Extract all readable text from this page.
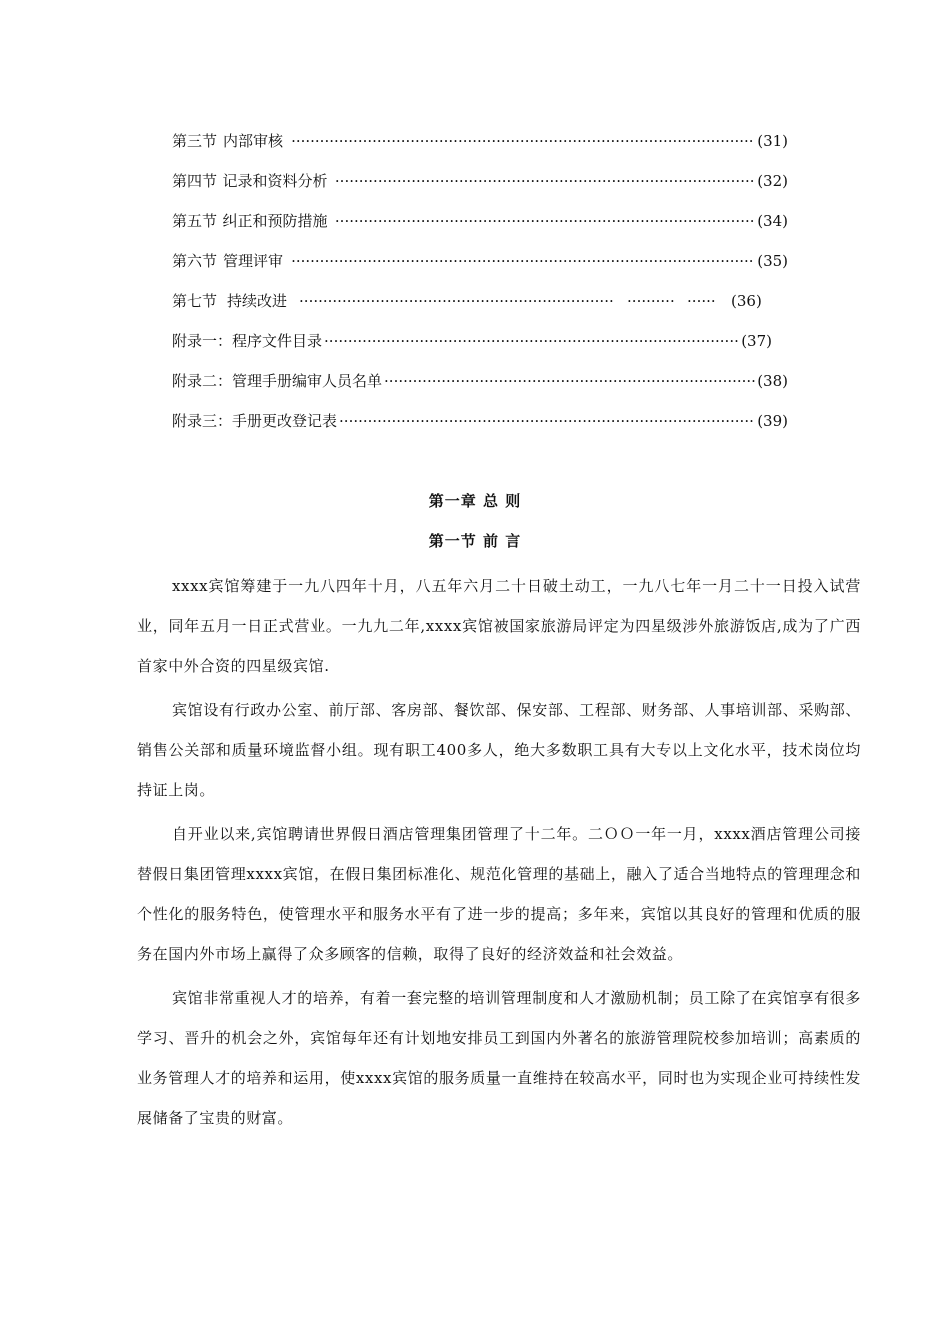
第三节 内部审核 ·····	(31)
第四节 记录和资料分析 ·····	(32)
第五节 纠正和预防措施 ·····	(34)
第六节 管理评审 ·····	(35)
第七节 持续改进 ····· ····· ·····	(36)
附录一： 程序文件目录 ·····	(37)
附录二： 管理手册编审人员名单 ·····	(38)
附录三： 手册更改登记表 ·····	(39)
第一章 总 则
第一节 前 言

xxxx宾馆筹建于一九八四年十月，八五年六月二十日破土动工，一九八七年一月二十一日投入试营业，同年五月一日正式营业。一九九二年,xxxx宾馆被国家旅游局评定为四星级涉外旅游饭店,成为了广西首家中外合资的四星级宾馆.

宾馆设有行政办公室、前厅部、客房部、餐饮部、保安部、工程部、财务部、人事培训部、采购部、销售公关部和质量环境监督小组。现有职工400多人，绝大多数职工具有大专以上文化水平，技术岗位均持证上岗。

自开业以来,宾馆聘请世界假日酒店管理集团管理了十二年。二ＯＯ一年一月，xxxx酒店管理公司接替假日集团管理xxxx宾馆，在假日集团标准化、规范化管理的基础上，融入了适合当地特点的管理理念和个性化的服务特色，使管理水平和服务水平有了进一步的提高；多年来，宾馆以其良好的管理和优质的服务在国内外市场上赢得了众多顾客的信赖，取得了良好的经济效益和社会效益。

宾馆非常重视人才的培养，有着一套完整的培训管理制度和人才激励机制；员工除了在宾馆享有很多学习、晋升的机会之外，宾馆每年还有计划地安排员工到国内外著名的旅游管理院校参加培训；高素质的业务管理人才的培养和运用，使xxxx宾馆的服务质量一直维持在较高水平，同时也为实现企业可持续性发展储备了宝贵的财富。
